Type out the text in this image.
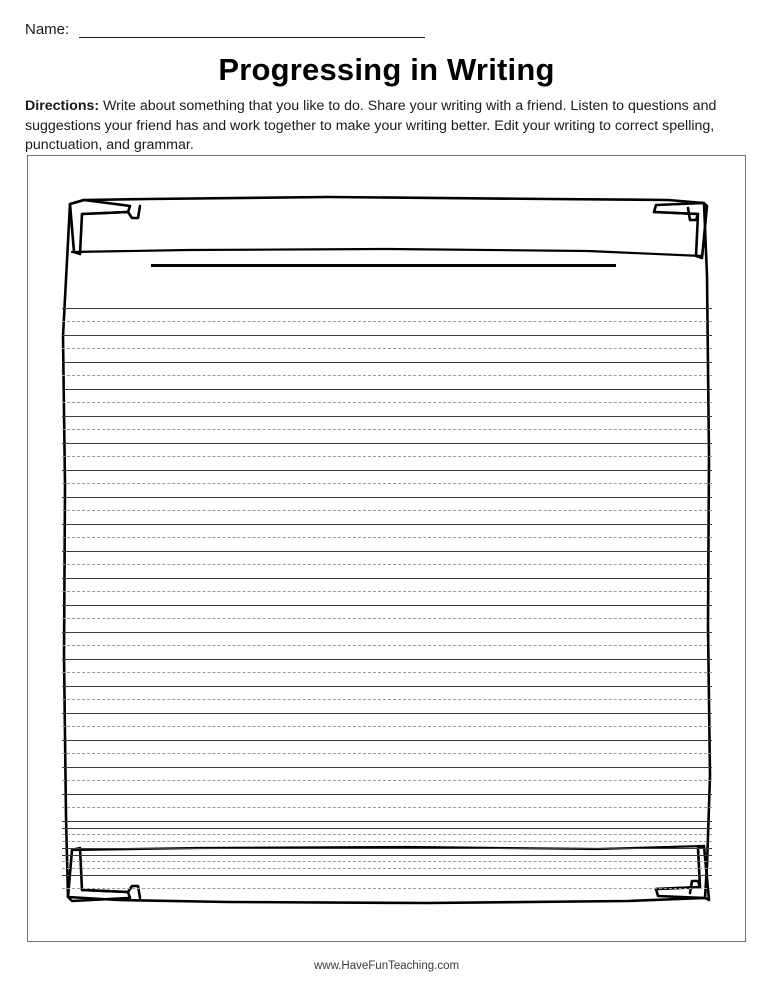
Name:
Progressing in Writing
Directions: Write about something that you like to do. Share your writing with a friend. Listen to questions and suggestions your friend has and work together to make your writing better. Edit your writing to correct spelling, punctuation, and grammar.
www.HaveFunTeaching.com
